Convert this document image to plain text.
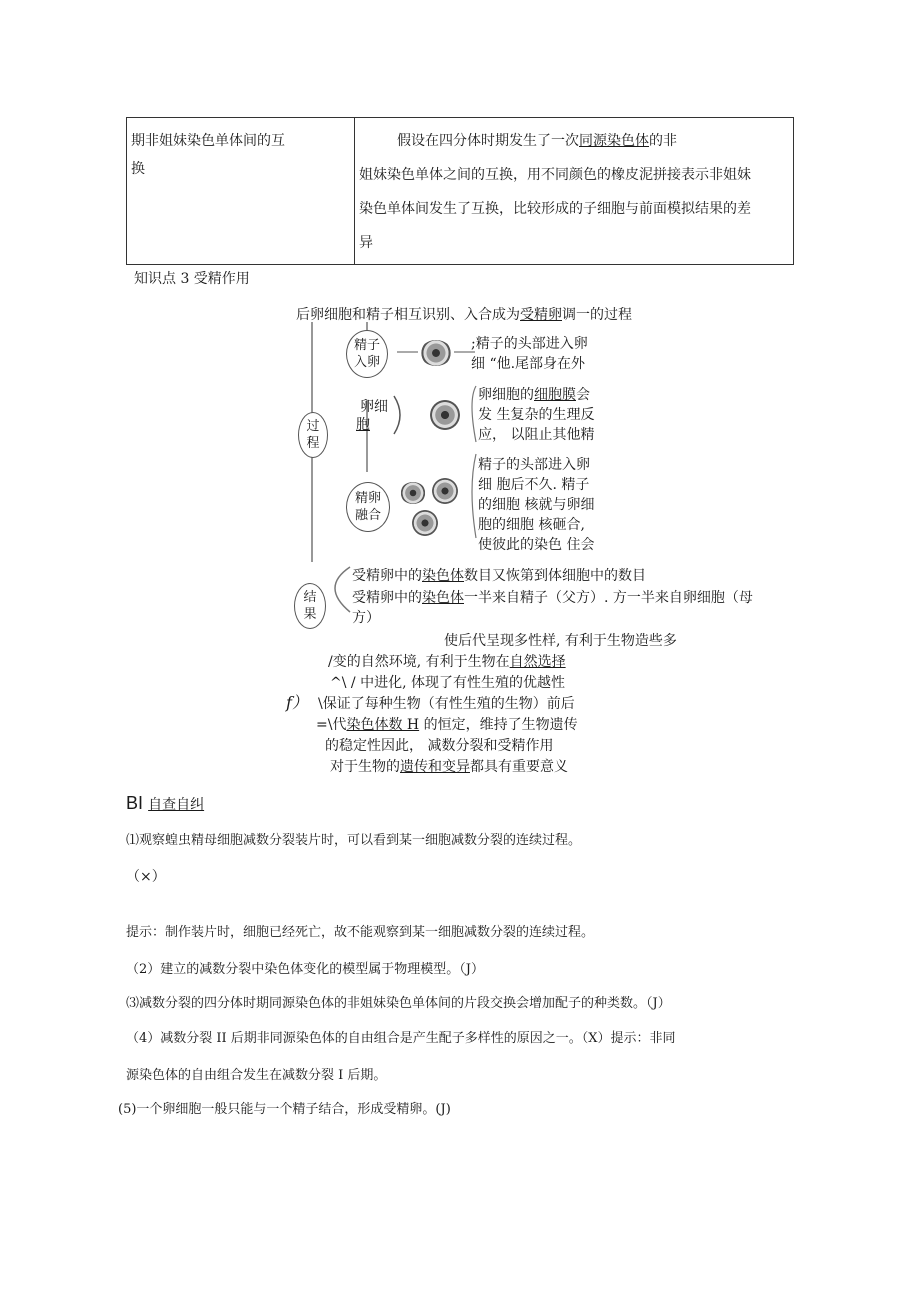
期非姐妹染色单体间的互
换

假设在四分体时期发生了一次同源染色体的非
姐妹染色单体之间的互换，用不同颜色的橡皮泥拼接表示非姐妹
染色单体间发生了互换，比较形成的子细胞与前面模拟结果的差
异
知识点 3 受精作用
后卵细胞和精子相互识别、入合成为受精卵调一的过程
过
程
结
果
精子
入卵
卵细
胞
精卵
融合
;精子的头部进入卵
细 “他.尾部身在外
卵细胞的细胞膜会
发 生复杂的生理反
应， 以阻止其他精
精子的头部进入卵
细 胞后不久. 精子
的细胞 核就与卵细
胞的细胞 核砸合,
使彼此的染色 住会
受精卵中的染色体数目又恢第到体细胞中的数目
受精卵中的染色体一半来自精子（父方）. 方一半来自卵细胞（母
方）
使后代呈现多性样, 有利于生物造些多
/变的自然环境, 有利于生物在自然选择
^\ / 中进化, 体现了有性生殖的优越性
f） \保证了每种生物（有性生殖的生物）前后
=\代染色体数 H 的恒定，维持了生物遗传
的稳定性因此， 减数分裂和受精作用
对于生物的遗传和变异都具有重要意义
BI 自查自纠
⑴观察蝗虫精母细胞减数分裂装片时，可以看到某一细胞减数分裂的连续过程。
（×）
提示：制作装片时，细胞已经死亡，故不能观察到某一细胞减数分裂的连续过程。
（2）建立的减数分裂中染色体变化的模型属于物理模型。（J）
⑶减数分裂的四分体时期同源染色体的非姐妹染色单体间的片段交换会增加配子的种类数。（J）
（4）减数分裂 II 后期非同源染色体的自由组合是产生配子多样性的原因之一。（X）提示：非同
源染色体的自由组合发生在减数分裂 I 后期。
(5)一个卵细胞一般只能与一个精子结合，形成受精卵。(J)
